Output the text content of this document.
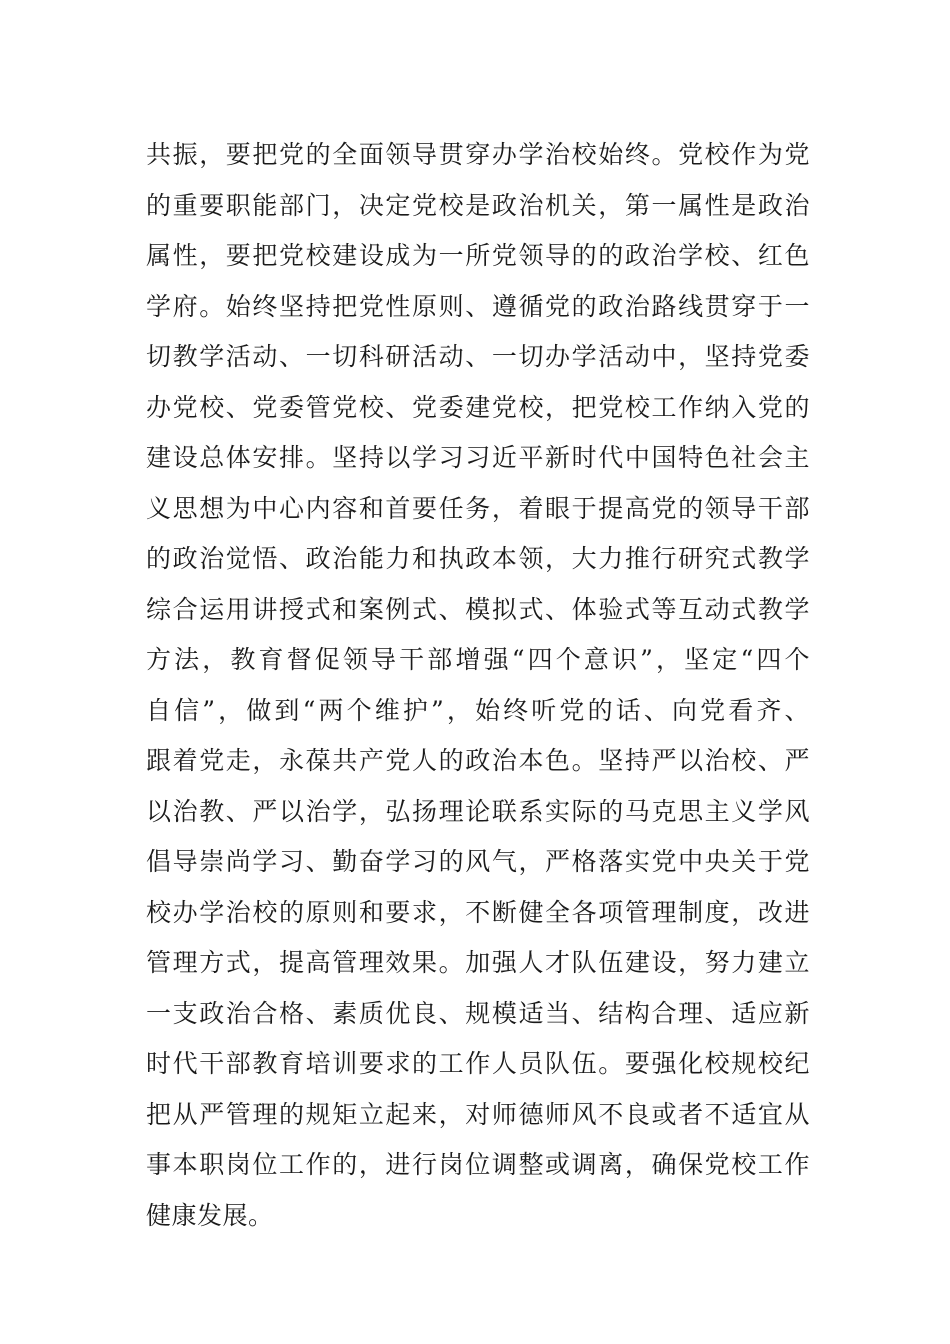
共振，要把党的全面领导贯穿办学治校始终。党校作为党
的重要职能部门，决定党校是政治机关，第一属性是政治
属性，要把党校建设成为一所党领导的的政治学校、红色
学府。始终坚持把党性原则、遵循党的政治路线贯穿于一
切教学活动、一切科研活动、一切办学活动中，坚持党委
办党校、党委管党校、党委建党校，把党校工作纳入党的
建设总体安排。坚持以学习习近平新时代中国特色社会主
义思想为中心内容和首要任务，着眼于提高党的领导干部
的政治觉悟、政治能力和执政本领，大力推行研究式教学
综合运用讲授式和案例式、模拟式、体验式等互动式教学
方法，教育督促领导干部增强“四个意识”，坚定“四个
自信”，做到“两个维护”，始终听党的话、向党看齐、
跟着党走，永葆共产党人的政治本色。坚持严以治校、严
以治教、严以治学，弘扬理论联系实际的马克思主义学风
倡导崇尚学习、勤奋学习的风气，严格落实党中央关于党
校办学治校的原则和要求，不断健全各项管理制度，改进
管理方式，提高管理效果。加强人才队伍建设，努力建立
一支政治合格、素质优良、规模适当、结构合理、适应新
时代干部教育培训要求的工作人员队伍。要强化校规校纪
把从严管理的规矩立起来，对师德师风不良或者不适宜从
事本职岗位工作的，进行岗位调整或调离，确保党校工作
健康发展。
